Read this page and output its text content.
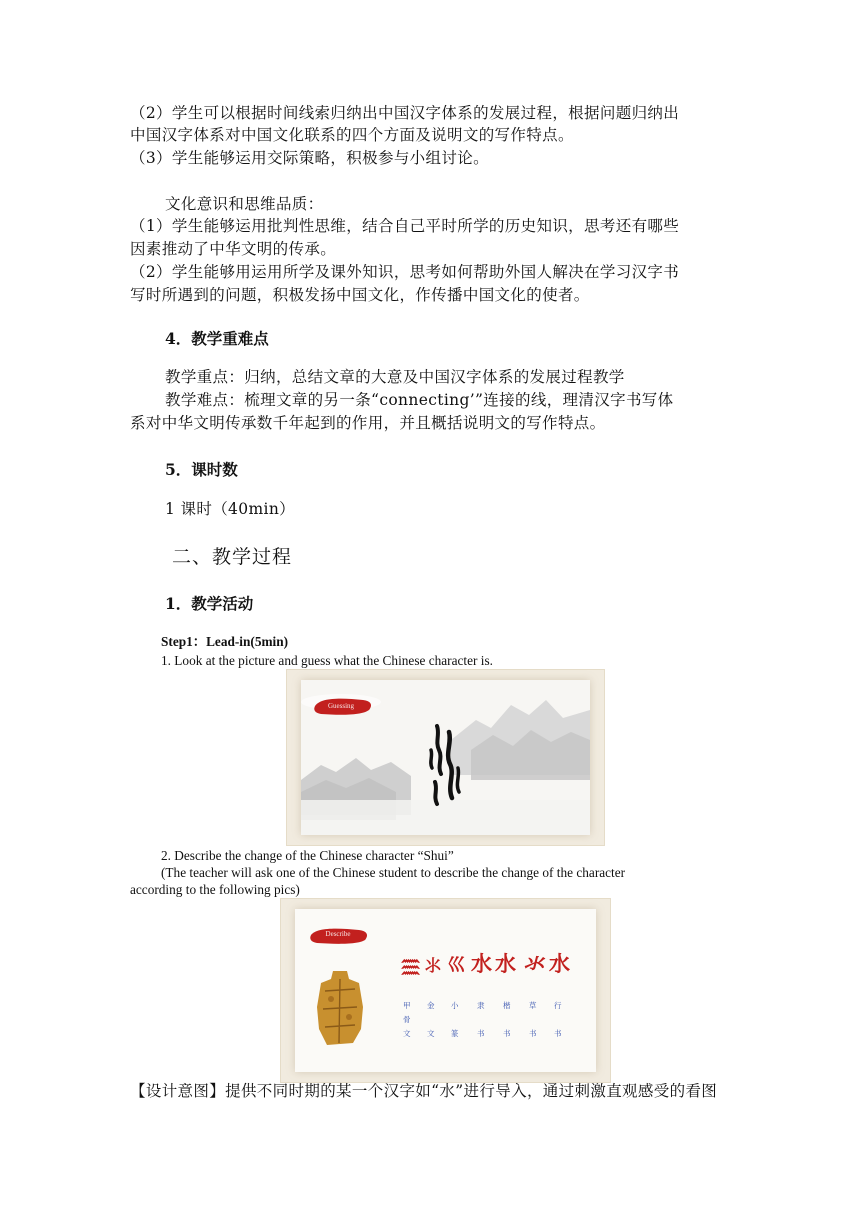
（2）学生可以根据时间线索归纳出中国汉字体系的发展过程，根据问题归纳出
中国汉字体系对中国文化联系的四个方面及说明文的写作特点。
（3）学生能够运用交际策略，积极参与小组讨论。
文化意识和思维品质：
（1）学生能够运用批判性思维，结合自己平时所学的历史知识，思考还有哪些
因素推动了中华文明的传承。
（2）学生能够用运用所学及课外知识，思考如何帮助外国人解决在学习汉字书
写时所遇到的问题，积极发扬中国文化，作传播中国文化的使者。
4．教学重难点
教学重点：归纳，总结文章的大意及中国汉字体系的发展过程教学
教学难点：梳理文章的另一条“connecting’”连接的线，理清汉字书写体
系对中华文明传承数千年起到的作用，并且概括说明文的写作特点。
5．课时数
1 课时（40min）
二、教学过程
1．教学活动
Step1：Lead-in(5min)
1. Look at the picture and guess what the Chinese character is.
Guessing
2. Describe the change of the Chinese character “Shui”
(The teacher will ask one of the Chinese student to describe the change of the character
according to the following pics)
Describe
𓈗 ⺢ 巛 水 水 氺 水
甲
骨
文
金
文
小
篆
隶
书
楷
书
草
书
行
书
【设计意图】提供不同时期的某一个汉字如“水”进行导入，通过刺激直观感受的看图
